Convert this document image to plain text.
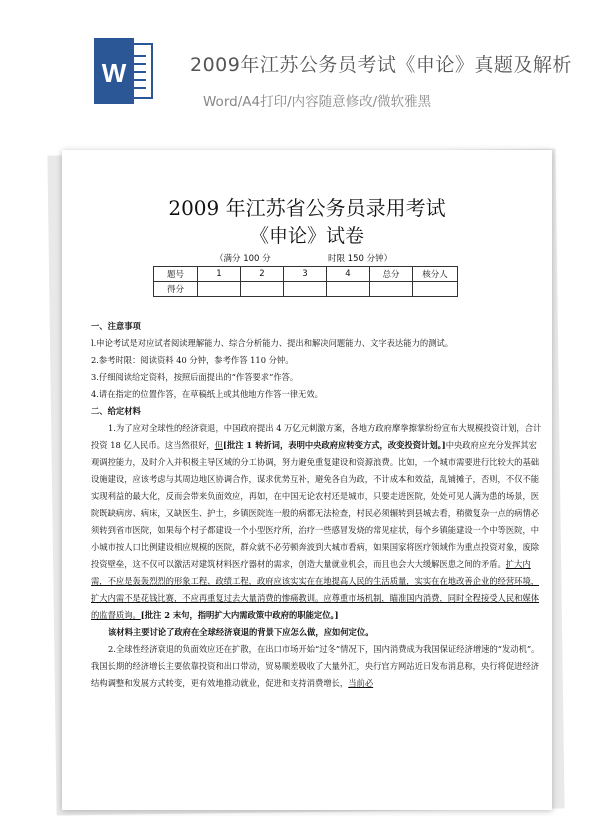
W	2009年江苏公务员考试《申论》真题及解析
Word/A4打印/内容随意修改/微软雅黑
2009 年江苏省公务员录用考试
《申论》试卷
（满分 100 分	时限 150 分钟）
题号	1	2	3	4	总分	核分人
得分						
一、注意事项
l.申论考试是对应试者阅读理解能力、综合分析能力、提出和解决问题能力、文字表达能力的测试。
2.参考时限：阅读资料 40 分钟，参考作答 110 分钟。
3.仔细阅读给定资料，按照后面提出的“作答要求”作答。
4.请在指定的位置作答，在草稿纸上或其他地方作答一律无效。
二、给定材料
1.为了应对全球性的经济衰退，中国政府提出 4 万亿元刺激方案，各地方政府摩拳擦掌纷纷宣布大规模投资计划，合计投资 18 亿人民币。这当然很好，但[批注 1 转折词，表明中央政府应转变方式，改变投资计划。]中央政府应充分发挥其宏观调控能力，及时介入并积极主导区域的分工协调，努力避免重复建设和资源浪费。比如，一个城市需要进行比较大的基础设施建设，应该考虑与其周边地区协调合作，谋求优势互补，避免各自为政，不计成本和效益，乱铺摊子，否则，不仅不能实现利益的最大化，反而会带来负面效应，再如，在中国无论农村还是城市，只要走进医院，处处可见人满为患的场景，医院既缺病房、病床，又缺医生、护士，乡镇医院连一般的病都无法检查，村民必须辗转到县城去看，稍微复杂一点的病情必须转到省市医院，如果每个村子都建设一个小型医疗所，治疗一些感冒发烧的常见症状，每个乡镇能建设一个中等医院，中小城市按人口比例建设相应规模的医院，群众就不必劳顿奔波到大城市看病，如果国家将医疗领域作为重点投资对象，废除投资壁垒，这不仅可以激活对建筑材料医疗器材的需求，创造大量就业机会，而且也会大大缓解医患之间的矛盾。扩大内需，不应是轰轰烈烈的形象工程、政绩工程，政府应该实实在在地提高人民的生活质量，实实在在地改善企业的经营环境，扩大内需不是花钱比赛，不应再重复过去大量消费的惨痛教训。应尊重市场机制，瞄准国内消费，同时全程接受人民和媒体的监督质询。[批注 2 末句，指明扩大内需政策中政府的职能定位。]
该材料主要讨论了政府在全球经济衰退的背景下应怎么做，应如何定位。
2.全球性经济衰退的负面效应还在扩散，在出口市场开始“过冬”情况下，国内消费成为我国保证经济增速的“发动机”。我国长期的经济增长主要依靠投资和出口带动，贸易顺差吸收了大量外汇，央行官方网站近日发布消息称，央行将促进经济结构调整和发展方式转变，更有效地推动就业，促进和支持消费增长，当前必
